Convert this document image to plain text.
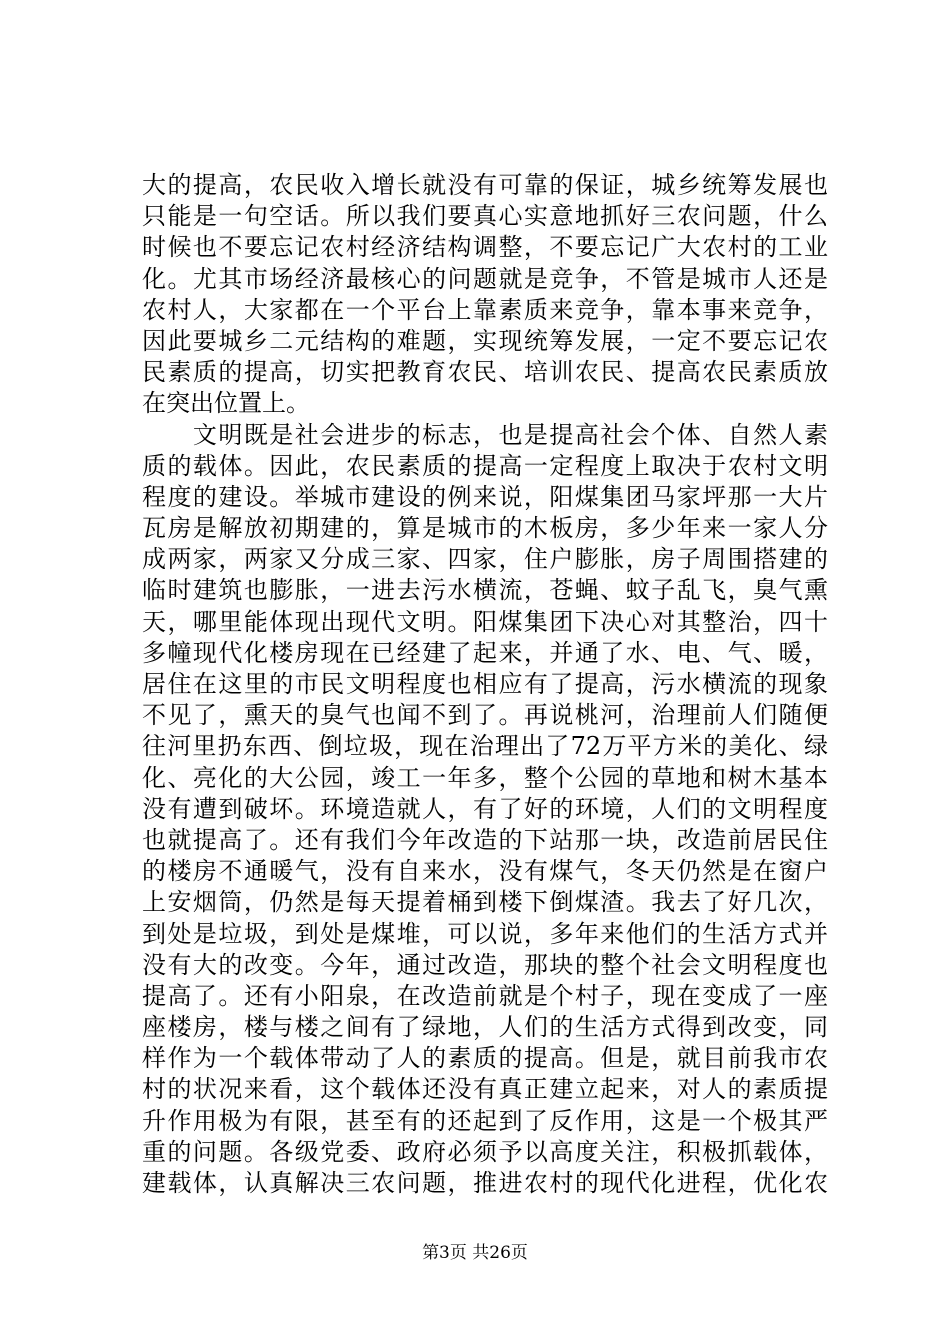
大的提高，农民收入增长就没有可靠的保证，城乡统筹发展也
只能是一句空话。所以我们要真心实意地抓好三农问题，什么
时候也不要忘记农村经济结构调整，不要忘记广大农村的工业
化。尤其市场经济最核心的问题就是竞争，不管是城市人还是
农村人，大家都在一个平台上靠素质来竞争，靠本事来竞争，
因此要城乡二元结构的难题，实现统筹发展，一定不要忘记农
民素质的提高，切实把教育农民、培训农民、提高农民素质放
在突出位置上。
　　文明既是社会进步的标志，也是提高社会个体、自然人素
质的载体。因此，农民素质的提高一定程度上取决于农村文明
程度的建设。举城市建设的例来说，阳煤集团马家坪那一大片
瓦房是解放初期建的，算是城市的木板房，多少年来一家人分
成两家，两家又分成三家、四家，住户膨胀，房子周围搭建的
临时建筑也膨胀，一进去污水横流，苍蝇、蚊子乱飞，臭气熏
天，哪里能体现出现代文明。阳煤集团下决心对其整治，四十
多幢现代化楼房现在已经建了起来，并通了水、电、气、暖，
居住在这里的市民文明程度也相应有了提高，污水横流的现象
不见了，熏天的臭气也闻不到了。再说桃河，治理前人们随便
往河里扔东西、倒垃圾，现在治理出了72万平方米的美化、绿
化、亮化的大公园，竣工一年多，整个公园的草地和树木基本
没有遭到破坏。环境造就人，有了好的环境，人们的文明程度
也就提高了。还有我们今年改造的下站那一块，改造前居民住
的楼房不通暖气，没有自来水，没有煤气，冬天仍然是在窗户
上安烟筒，仍然是每天提着桶到楼下倒煤渣。我去了好几次，
到处是垃圾，到处是煤堆，可以说，多年来他们的生活方式并
没有大的改变。今年，通过改造，那块的整个社会文明程度也
提高了。还有小阳泉，在改造前就是个村子，现在变成了一座
座楼房，楼与楼之间有了绿地，人们的生活方式得到改变，同
样作为一个载体带动了人的素质的提高。但是，就目前我市农
村的状况来看，这个载体还没有真正建立起来，对人的素质提
升作用极为有限，甚至有的还起到了反作用，这是一个极其严
重的问题。各级党委、政府必须予以高度关注，积极抓载体，
建载体，认真解决三农问题，推进农村的现代化进程，优化农
第3页 共26页
